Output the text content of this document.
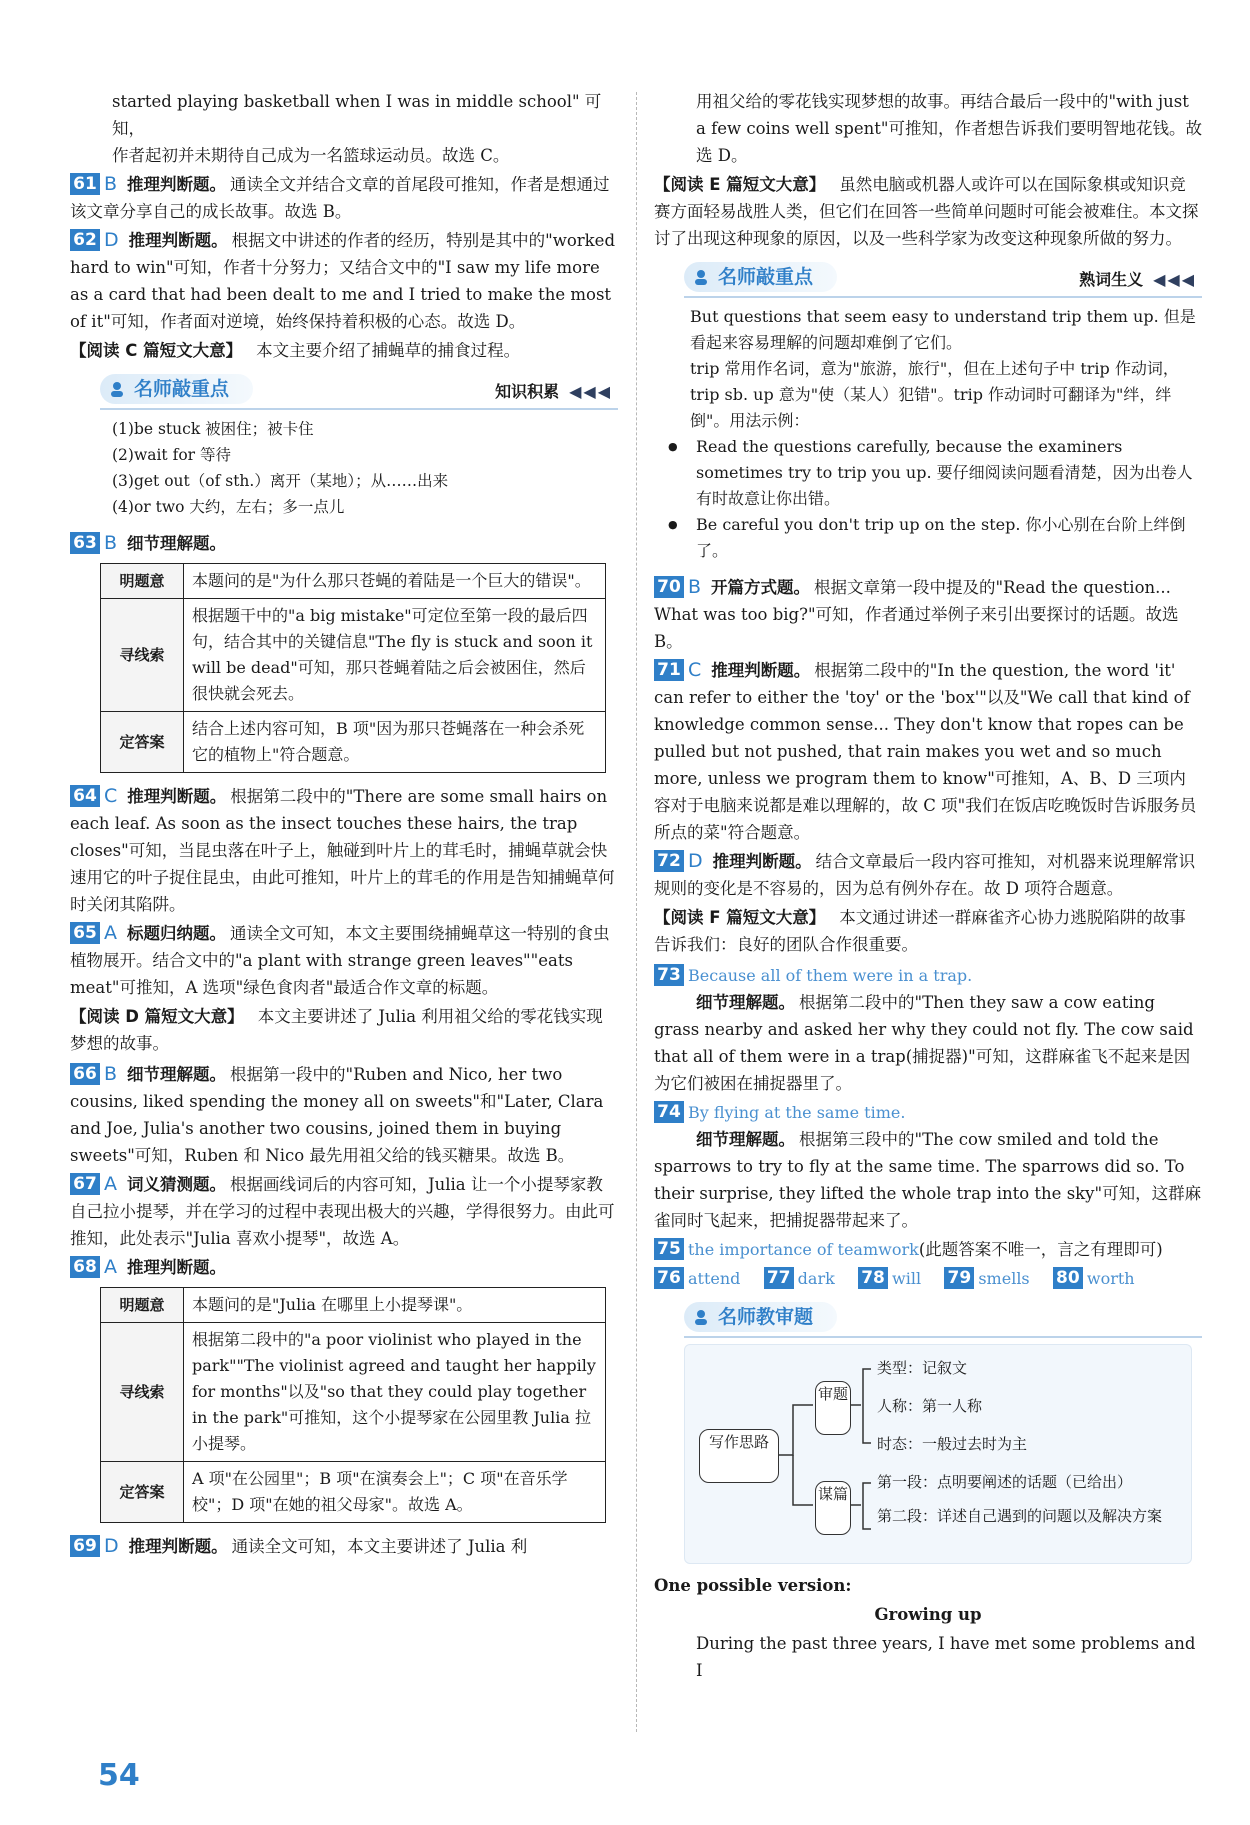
started playing basketball when I was in middle school" 可知，
作者起初并未期待自己成为一名篮球运动员。故选 C。

61 B 推理判断题。 通读全文并结合文章的首尾段可推知，作者是想通过该文章分享自己的成长故事。故选 B。

62 D 推理判断题。 根据文中讲述的作者的经历，特别是其中的"worked hard to win"可知，作者十分努力；又结合文中的"I saw my life more as a card that had been dealt to me and I tried to make the most of it"可知，作者面对逆境，始终保持着积极的心态。故选 D。

【阅读 C 篇短文大意】 本文主要介绍了捕蝇草的捕食过程。

名师敲重点	知识积累 ◀◀◀
(1)be stuck 被困住；被卡住
(2)wait for 等待
(3)get out（of sth.）离开（某地）；从……出来
(4)or two 大约，左右；多一点儿

63 B 细节理解题。

明题意	本题问的是"为什么那只苍蝇的着陆是一个巨大的错误"。
寻线索	根据题干中的"a big mistake"可定位至第一段的最后四句，结合其中的关键信息"The fly is stuck and soon it will be dead"可知，那只苍蝇着陆之后会被困住，然后很快就会死去。
定答案	结合上述内容可知，B 项"因为那只苍蝇落在一种会杀死它的植物上"符合题意。

64 C 推理判断题。 根据第二段中的"There are some small hairs on each leaf. As soon as the insect touches these hairs, the trap closes"可知，当昆虫落在叶子上，触碰到叶片上的茸毛时，捕蝇草就会快速用它的叶子捉住昆虫，由此可推知，叶片上的茸毛的作用是告知捕蝇草何时关闭其陷阱。

65 A 标题归纳题。 通读全文可知，本文主要围绕捕蝇草这一特别的食虫植物展开。结合文中的"a plant with strange green leaves""eats meat"可推知，A 选项"绿色食肉者"最适合作文章的标题。

【阅读 D 篇短文大意】 本文主要讲述了 Julia 利用祖父给的零花钱实现梦想的故事。

66 B 细节理解题。 根据第一段中的"Ruben and Nico, her two cousins, liked spending the money all on sweets"和"Later, Clara and Joe, Julia's another two cousins, joined them in buying sweets"可知，Ruben 和 Nico 最先用祖父给的钱买糖果。故选 B。

67 A 词义猜测题。 根据画线词后的内容可知，Julia 让一个小提琴家教自己拉小提琴，并在学习的过程中表现出极大的兴趣，学得很努力。由此可推知，此处表示"Julia 喜欢小提琴"，故选 A。

68 A 推理判断题。

明题意	本题问的是"Julia 在哪里上小提琴课"。
寻线索	根据第二段中的"a poor violinist who played in the park""The violinist agreed and taught her happily for months"以及"so that they could play together in the park"可推知，这个小提琴家在公园里教 Julia 拉小提琴。
定答案	A 项"在公园里"；B 项"在演奏会上"；C 项"在音乐学校"；D 项"在她的祖父母家"。故选 A。

69 D 推理判断题。 通读全文可知，本文主要讲述了 Julia 利

用祖父给的零花钱实现梦想的故事。再结合最后一段中的"with just a few coins well spent"可推知，作者想告诉我们要明智地花钱。故选 D。

【阅读 E 篇短文大意】 虽然电脑或机器人或许可以在国际象棋或知识竞赛方面轻易战胜人类，但它们在回答一些简单问题时可能会被难住。本文探讨了出现这种现象的原因，以及一些科学家为改变这种现象所做的努力。

名师敲重点	熟词生义 ◀◀◀
But questions that seem easy to understand trip them up. 但是看起来容易理解的问题却难倒了它们。
trip 常用作名词，意为"旅游，旅行"，但在上述句子中 trip 作动词，trip sb. up 意为"使（某人）犯错"。trip 作动词时可翻译为"绊，绊倒"。用法示例：
● Read the questions carefully, because the examiners sometimes try to trip you up. 要仔细阅读问题看清楚，因为出卷人有时故意让你出错。
● Be careful you don't trip up on the step. 你小心别在台阶上绊倒了。

70 B 开篇方式题。 根据文章第一段中提及的"Read the question... What was too big?"可知，作者通过举例子来引出要探讨的话题。故选 B。

71 C 推理判断题。 根据第二段中的"In the question, the word 'it' can refer to either the 'toy' or the 'box'"以及"We call that kind of knowledge common sense... They don't know that ropes can be pulled but not pushed, that rain makes you wet and so much more, unless we program them to know"可推知，A、B、D 三项内容对于电脑来说都是难以理解的，故 C 项"我们在饭店吃晚饭时告诉服务员所点的菜"符合题意。

72 D 推理判断题。 结合文章最后一段内容可推知，对机器来说理解常识规则的变化是不容易的，因为总有例外存在。故 D 项符合题意。

【阅读 F 篇短文大意】 本文通过讲述一群麻雀齐心协力逃脱陷阱的故事告诉我们：良好的团队合作很重要。

73 Because all of them were in a trap.
细节理解题。 根据第二段中的"Then they saw a cow eating grass nearby and asked her why they could not fly. The cow said that all of them were in a trap(捕捉器)"可知，这群麻雀飞不起来是因为它们被困在捕捉器里了。

74 By flying at the same time.
细节理解题。 根据第三段中的"The cow smiled and told the sparrows to try to fly at the same time. The sparrows did so. To their surprise, they lifted the whole trap into the sky"可知，这群麻雀同时飞起来，把捕捉器带起来了。

75 the importance of teamwork(此题答案不唯一，言之有理即可)

76 attend 77 dark 78 will 79 smells 80 worth

名师教审题
写作思路
审题
谋篇
类型：记叙文
人称：第一人称
时态：一般过去时为主
第一段：点明要阐述的话题（已给出）
第二段：详述自己遇到的问题以及解决方案

One possible version:

Growing up

During the past three years, I have met some problems and I

54
